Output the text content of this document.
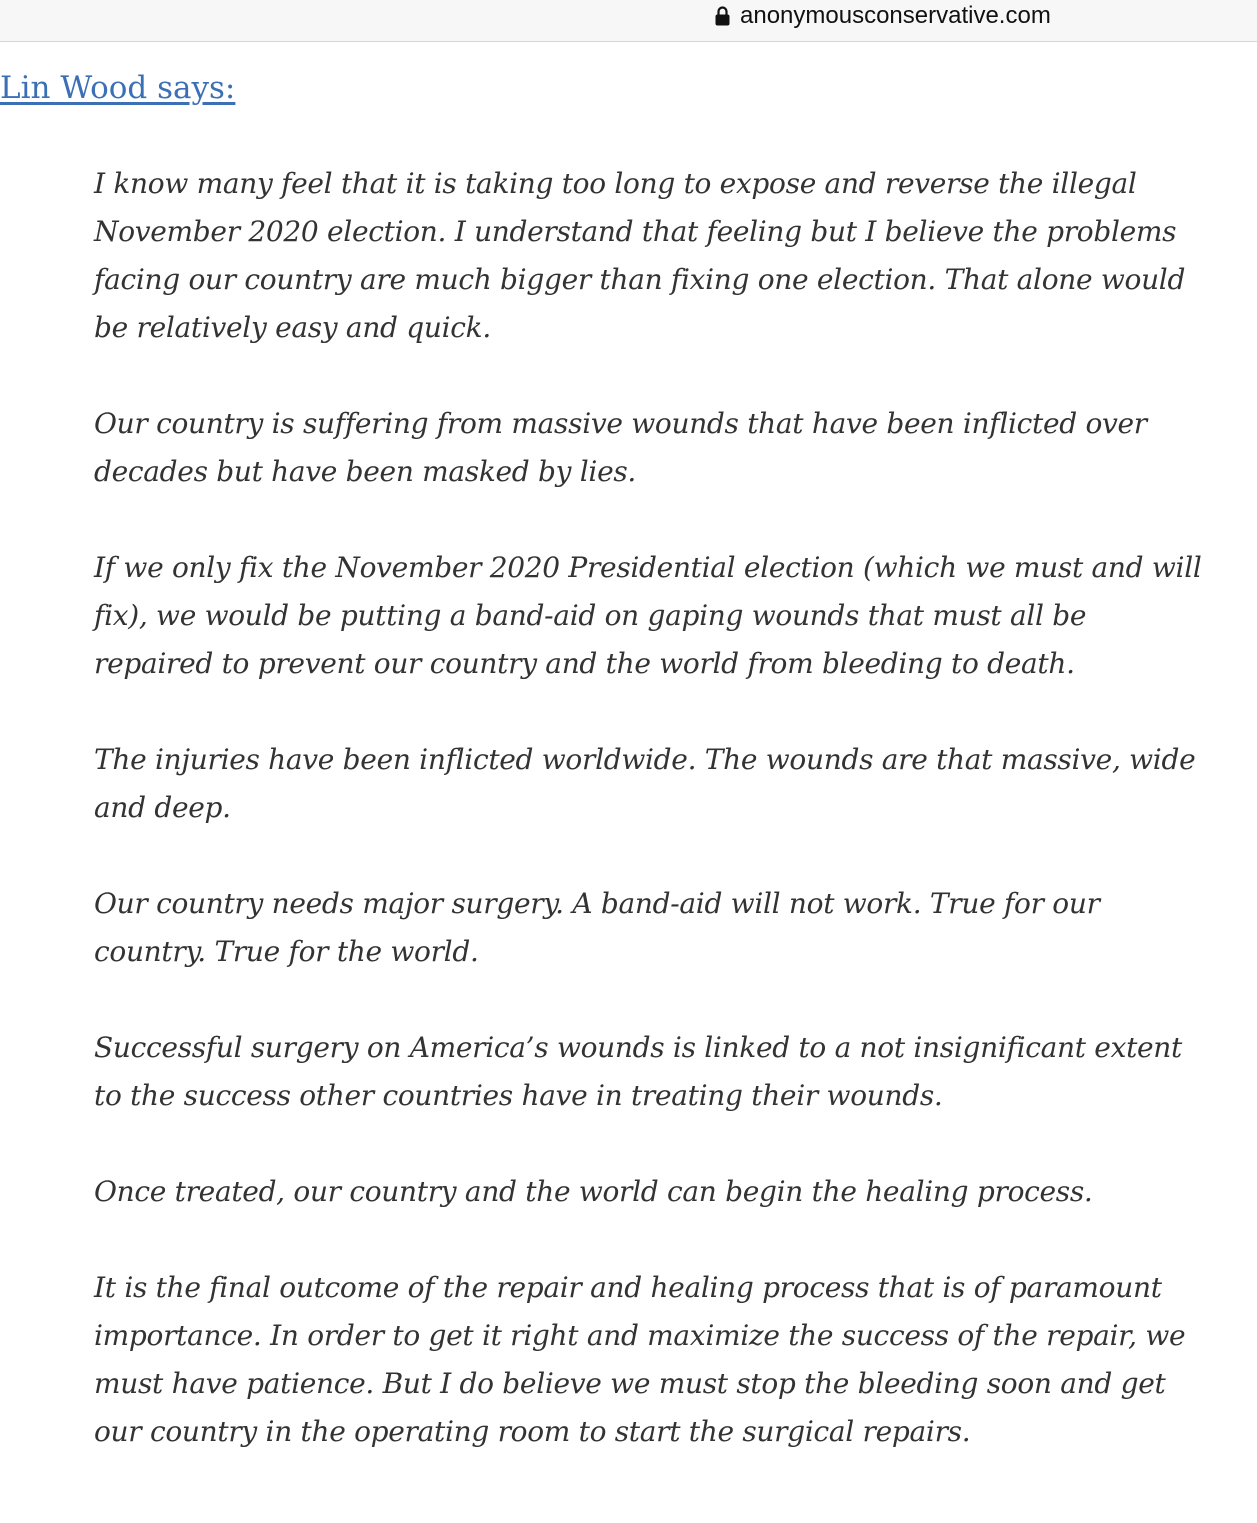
anonymousconservative.com
Lin Wood says:

I know many feel that it is taking too long to expose and reverse the illegal November 2020 election. I understand that feeling but I believe the problems facing our country are much bigger than fixing one election. That alone would be relatively easy and quick.

Our country is suffering from massive wounds that have been inflicted over decades but have been masked by lies.

If we only fix the November 2020 Presidential election (which we must and will fix), we would be putting a band-aid on gaping wounds that must all be repaired to prevent our country and the world from bleeding to death.

The injuries have been inflicted worldwide. The wounds are that massive, wide and deep.

Our country needs major surgery. A band-aid will not work. True for our country. True for the world.

Successful surgery on America’s wounds is linked to a not insignificant extent to the success other countries have in treating their wounds.

Once treated, our country and the world can begin the healing process.

It is the final outcome of the repair and healing process that is of paramount importance. In order to get it right and maximize the success of the repair, we must have patience. But I do believe we must stop the bleeding soon and get our country in the operating room to start the surgical repairs.
